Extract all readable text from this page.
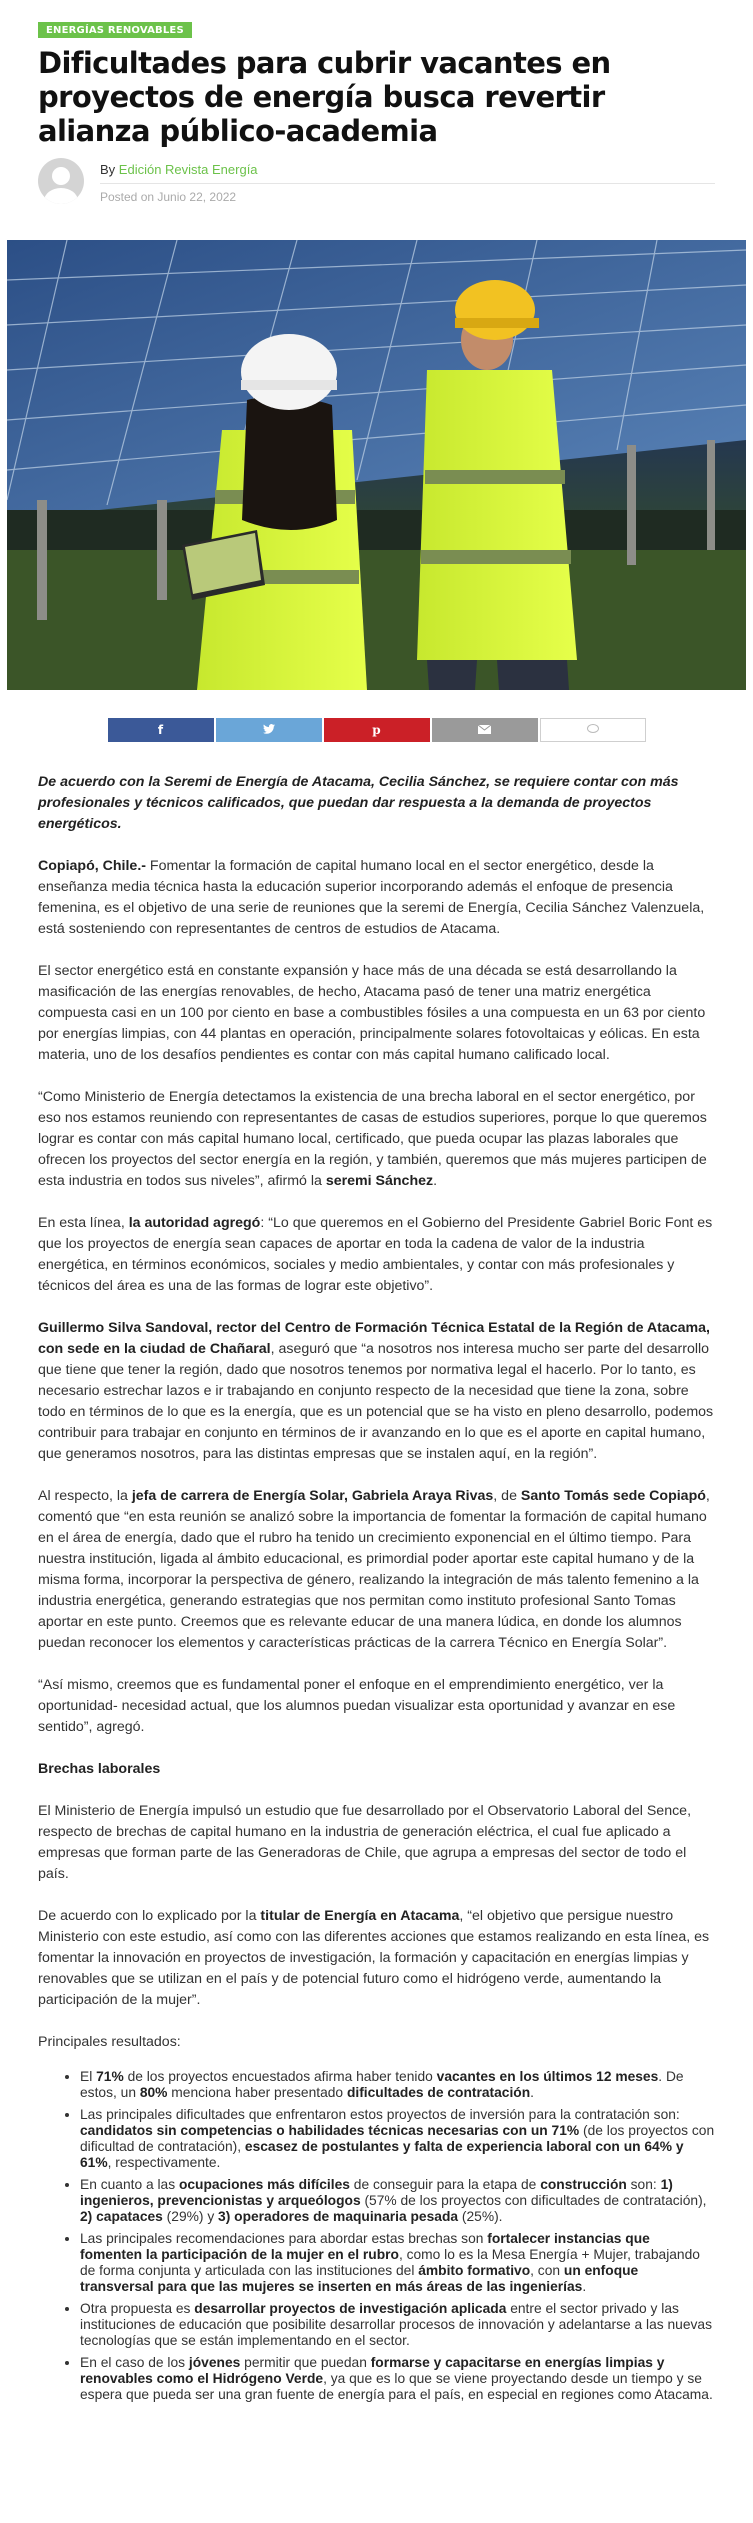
ENERGÍAS RENOVABLES
Dificultades para cubrir vacantes en proyectos de energía busca revertir alianza público-academia
By Edición Revista Energía
Posted on Junio 22, 2022
f	p

De acuerdo con la Seremi de Energía de Atacama, Cecilia Sánchez, se requiere contar con más profesionales y técnicos calificados, que puedan dar respuesta a la demanda de proyectos energéticos.

Copiapó, Chile.- Fomentar la formación de capital humano local en el sector energético, desde la enseñanza media técnica hasta la educación superior incorporando además el enfoque de presencia femenina, es el objetivo de una serie de reuniones que la seremi de Energía, Cecilia Sánchez Valenzuela, está sosteniendo con representantes de centros de estudios de Atacama.

El sector energético está en constante expansión y hace más de una década se está desarrollando la masificación de las energías renovables, de hecho, Atacama pasó de tener una matriz energética compuesta casi en un 100 por ciento en base a combustibles fósiles a una compuesta en un 63 por ciento por energías limpias, con 44 plantas en operación, principalmente solares fotovoltaicas y eólicas. En esta materia, uno de los desafíos pendientes es contar con más capital humano calificado local.

“Como Ministerio de Energía detectamos la existencia de una brecha laboral en el sector energético, por eso nos estamos reuniendo con representantes de casas de estudios superiores, porque lo que queremos lograr es contar con más capital humano local, certificado, que pueda ocupar las plazas laborales que ofrecen los proyectos del sector energía en la región, y también, queremos que más mujeres participen de esta industria en todos sus niveles”, afirmó la seremi Sánchez.

En esta línea, la autoridad agregó: “Lo que queremos en el Gobierno del Presidente Gabriel Boric Font es que los proyectos de energía sean capaces de aportar en toda la cadena de valor de la industria energética, en términos económicos, sociales y medio ambientales, y contar con más profesionales y técnicos del área es una de las formas de lograr este objetivo”.

Guillermo Silva Sandoval, rector del Centro de Formación Técnica Estatal de la Región de Atacama, con sede en la ciudad de Chañaral, aseguró que “a nosotros nos interesa mucho ser parte del desarrollo que tiene que tener la región, dado que nosotros tenemos por normativa legal el hacerlo. Por lo tanto, es necesario estrechar lazos e ir trabajando en conjunto respecto de la necesidad que tiene la zona, sobre todo en términos de lo que es la energía, que es un potencial que se ha visto en pleno desarrollo, podemos contribuir para trabajar en conjunto en términos de ir avanzando en lo que es el aporte en capital humano, que generamos nosotros, para las distintas empresas que se instalen aquí, en la región”.

Al respecto, la jefa de carrera de Energía Solar, Gabriela Araya Rivas, de Santo Tomás sede Copiapó, comentó que “en esta reunión se analizó sobre la importancia de fomentar la formación de capital humano en el área de energía, dado que el rubro ha tenido un crecimiento exponencial en el último tiempo. Para nuestra institución, ligada al ámbito educacional, es primordial poder aportar este capital humano y de la misma forma, incorporar la perspectiva de género, realizando la integración de más talento femenino a la industria energética, generando estrategias que nos permitan como instituto profesional Santo Tomas aportar en este punto. Creemos que es relevante educar de una manera lúdica, en donde los alumnos puedan reconocer los elementos y características prácticas de la carrera Técnico en Energía Solar”.

“Así mismo, creemos que es fundamental poner el enfoque en el emprendimiento energético, ver la oportunidad- necesidad actual, que los alumnos puedan visualizar esta oportunidad y avanzar en ese sentido”, agregó.

Brechas laborales

El Ministerio de Energía impulsó un estudio que fue desarrollado por el Observatorio Laboral del Sence, respecto de brechas de capital humano en la industria de generación eléctrica, el cual fue aplicado a empresas que forman parte de las Generadoras de Chile, que agrupa a empresas del sector de todo el país.

De acuerdo con lo explicado por la titular de Energía en Atacama, “el objetivo que persigue nuestro Ministerio con este estudio, así como con las diferentes acciones que estamos realizando en esta línea, es fomentar la innovación en proyectos de investigación, la formación y capacitación en energías limpias y renovables que se utilizan en el país y de potencial futuro como el hidrógeno verde, aumentando la participación de la mujer”.

Principales resultados:

• El 71% de los proyectos encuestados afirma haber tenido vacantes en los últimos 12 meses. De estos, un 80% menciona haber presentado dificultades de contratación.
• Las principales dificultades que enfrentaron estos proyectos de inversión para la contratación son: candidatos sin competencias o habilidades técnicas necesarias con un 71% (de los proyectos con dificultad de contratación), escasez de postulantes y falta de experiencia laboral con un 64% y 61%, respectivamente.
• En cuanto a las ocupaciones más difíciles de conseguir para la etapa de construcción son: 1) ingenieros, prevencionistas y arqueólogos (57% de los proyectos con dificultades de contratación), 2) capataces (29%) y 3) operadores de maquinaria pesada (25%).
• Las principales recomendaciones para abordar estas brechas son fortalecer instancias que fomenten la participación de la mujer en el rubro, como lo es la Mesa Energía + Mujer, trabajando de forma conjunta y articulada con las instituciones del ámbito formativo, con un enfoque transversal para que las mujeres se inserten en más áreas de las ingenierías.
• Otra propuesta es desarrollar proyectos de investigación aplicada entre el sector privado y las instituciones de educación que posibilite desarrollar procesos de innovación y adelantarse a las nuevas tecnologías que se están implementando en el sector.
• En el caso de los jóvenes permitir que puedan formarse y capacitarse en energías limpias y renovables como el Hidrógeno Verde, ya que es lo que se viene proyectando desde un tiempo y se espera que pueda ser una gran fuente de energía para el país, en especial en regiones como Atacama.
